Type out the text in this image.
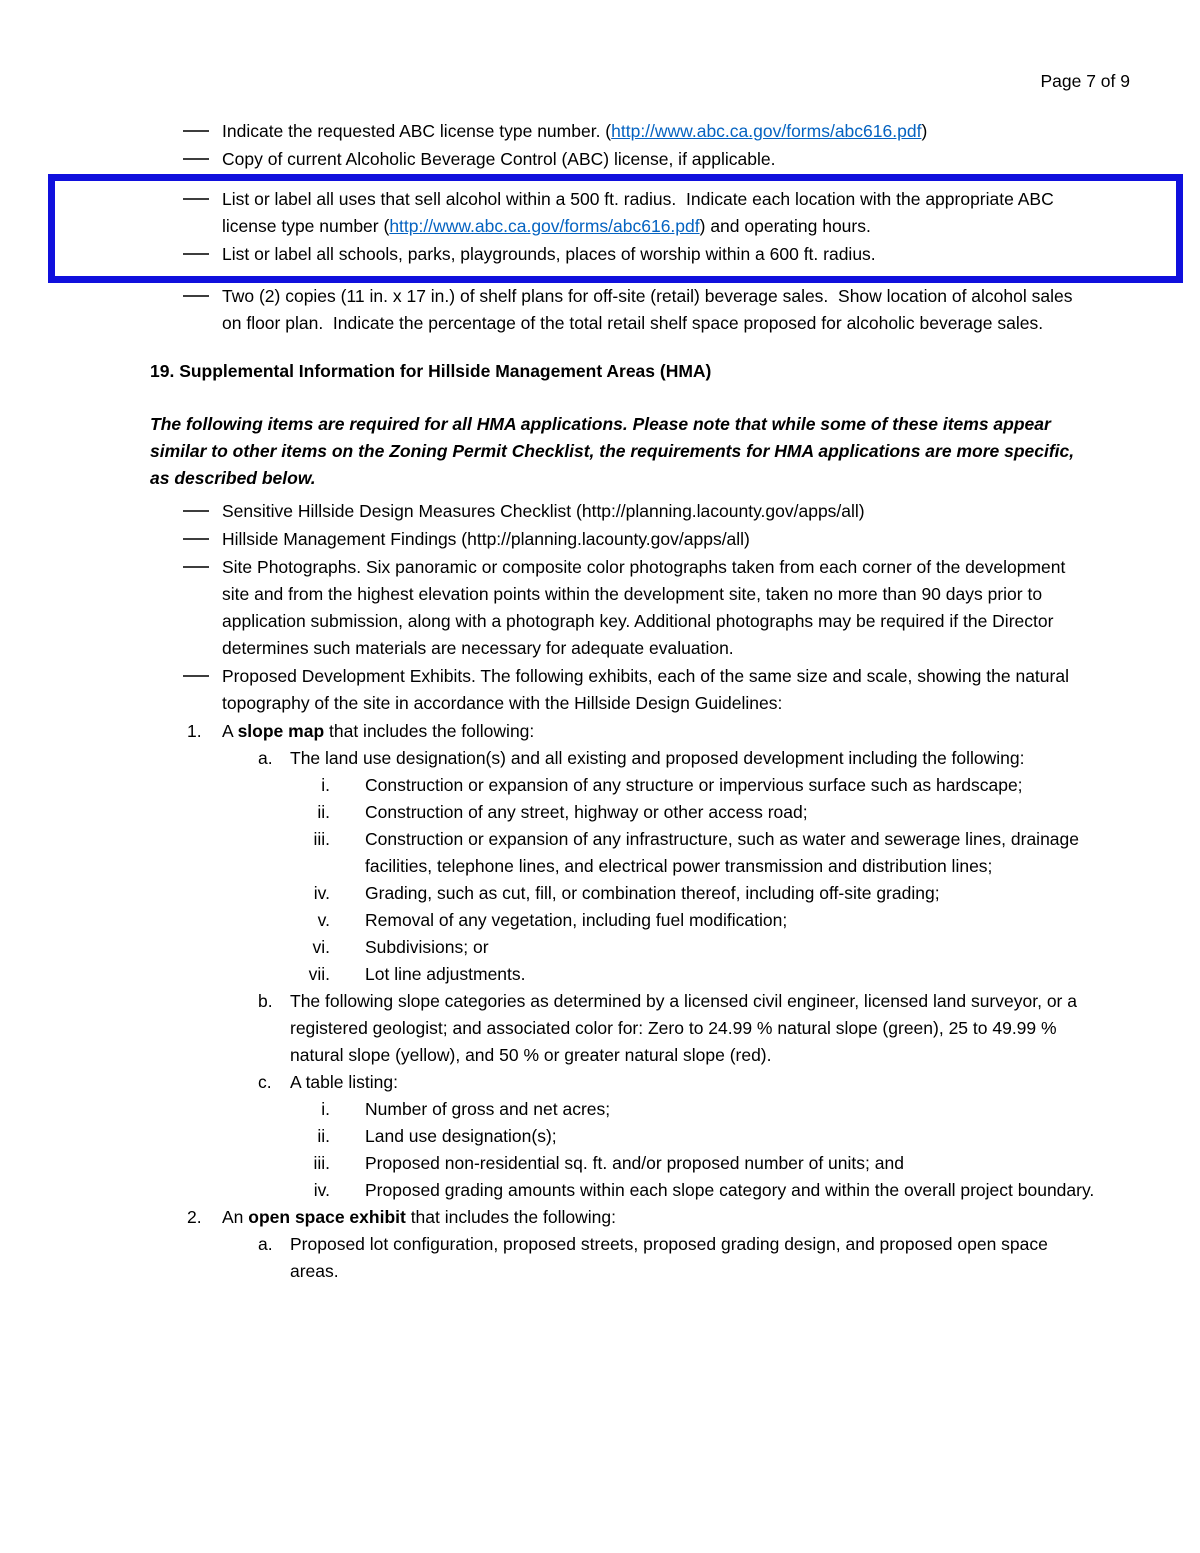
Page 7 of 9
Indicate the requested ABC license type number. (http://www.abc.ca.gov/forms/abc616.pdf)
Copy of current Alcoholic Beverage Control (ABC) license, if applicable.
List or label all uses that sell alcohol within a 500 ft. radius.  Indicate each location with the appropriate ABC license type number (http://www.abc.ca.gov/forms/abc616.pdf) and operating hours.
List or label all schools, parks, playgrounds, places of worship within a 600 ft. radius.
Two (2) copies (11 in. x 17 in.) of shelf plans for off-site (retail) beverage sales.  Show location of alcohol sales on floor plan.  Indicate the percentage of the total retail shelf space proposed for alcoholic beverage sales.
19. Supplemental Information for Hillside Management Areas (HMA)
The following items are required for all HMA applications. Please note that while some of these items appear similar to other items on the Zoning Permit Checklist, the requirements for HMA applications are more specific, as described below.
Sensitive Hillside Design Measures Checklist (http://planning.lacounty.gov/apps/all)
Hillside Management Findings (http://planning.lacounty.gov/apps/all)
Site Photographs. Six panoramic or composite color photographs taken from each corner of the development site and from the highest elevation points within the development site, taken no more than 90 days prior to application submission, along with a photograph key. Additional photographs may be required if the Director determines such materials are necessary for adequate evaluation.
Proposed Development Exhibits. The following exhibits, each of the same size and scale, showing the natural topography of the site in accordance with the Hillside Design Guidelines:
1.	A slope map that includes the following:
a. The land use designation(s) and all existing and proposed development including the following:
i. Construction or expansion of any structure or impervious surface such as hardscape;
ii. Construction of any street, highway or other access road;
iii. Construction or expansion of any infrastructure, such as water and sewerage lines, drainage facilities, telephone lines, and electrical power transmission and distribution lines;
iv. Grading, such as cut, fill, or combination thereof, including off-site grading;
v. Removal of any vegetation, including fuel modification;
vi. Subdivisions; or
vii. Lot line adjustments.
b. The following slope categories as determined by a licensed civil engineer, licensed land surveyor, or a registered geologist; and associated color for: Zero to 24.99 % natural slope (green), 25 to 49.99 % natural slope (yellow), and 50 % or greater natural slope (red).
c.	A table listing:
i. Number of gross and net acres;
ii. Land use designation(s);
iii. Proposed non-residential sq. ft. and/or proposed number of units; and
iv. Proposed grading amounts within each slope category and within the overall project boundary.
2.	An open space exhibit that includes the following:
a. Proposed lot configuration, proposed streets, proposed grading design, and proposed open space areas.
